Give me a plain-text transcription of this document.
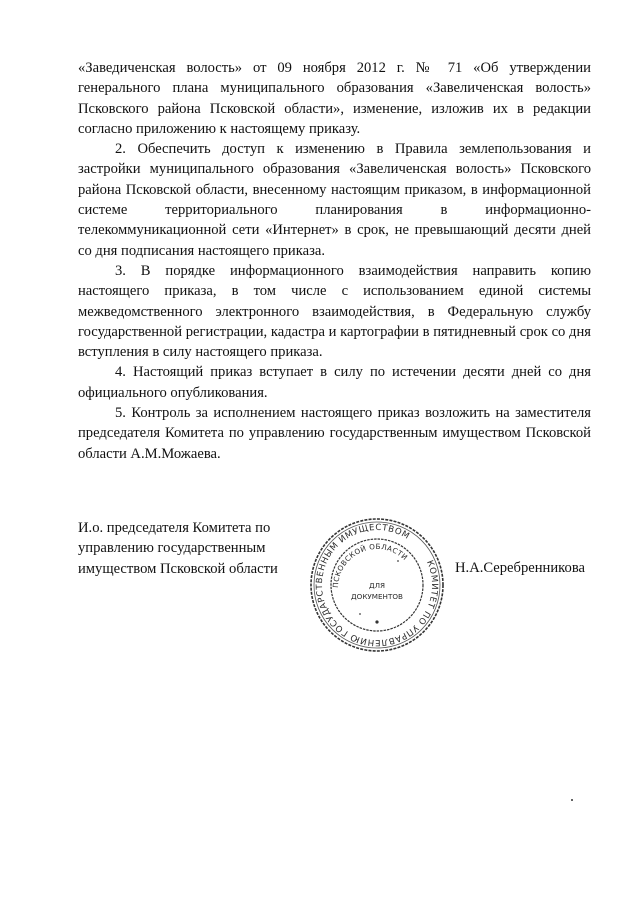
«Заведиченская волость» от 09 ноября 2012 г. № 71 «Об утверждении генерального плана муниципального образования «Завеличенская волость» Псковского района Псковской области», изменение, изложив их в редакции согласно приложению к настоящему приказу.

2. Обеспечить доступ к изменению в Правила землепользования и застройки муниципального образования «Завеличенская волость» Псковского района Псковской области, внесенному настоящим приказом, в информационной системе территориального планирования в информационно-телекоммуникационной сети «Интернет» в срок, не превышающий десяти дней со дня подписания настоящего приказа.

3. В порядке информационного взаимодействия направить копию настоящего приказа, в том числе с использованием единой системы межведомственного электронного взаимодействия, в Федеральную службу государственной регистрации, кадастра и картографии в пятидневный срок со дня вступления в силу настоящего приказа.

4. Настоящий приказ вступает в силу по истечении десяти дней со дня официального опубликования.

5. Контроль за исполнением настоящего приказ возложить на заместителя председателя Комитета по управлению государственным имуществом Псковской области А.М.Можаева.

И.о. председателя Комитета по
управлению государственным
имуществом Псковской области	КОМИТЕТ ПО УПРАВЛЕНИЮ ГОСУДАРСТВЕННЫМ ИМУЩЕСТВОМ
ПСКОВСКОЙ ОБЛАСТИ
ДЛЯ
ДОКУМЕНТОВ
Н.А.Серебренникова
